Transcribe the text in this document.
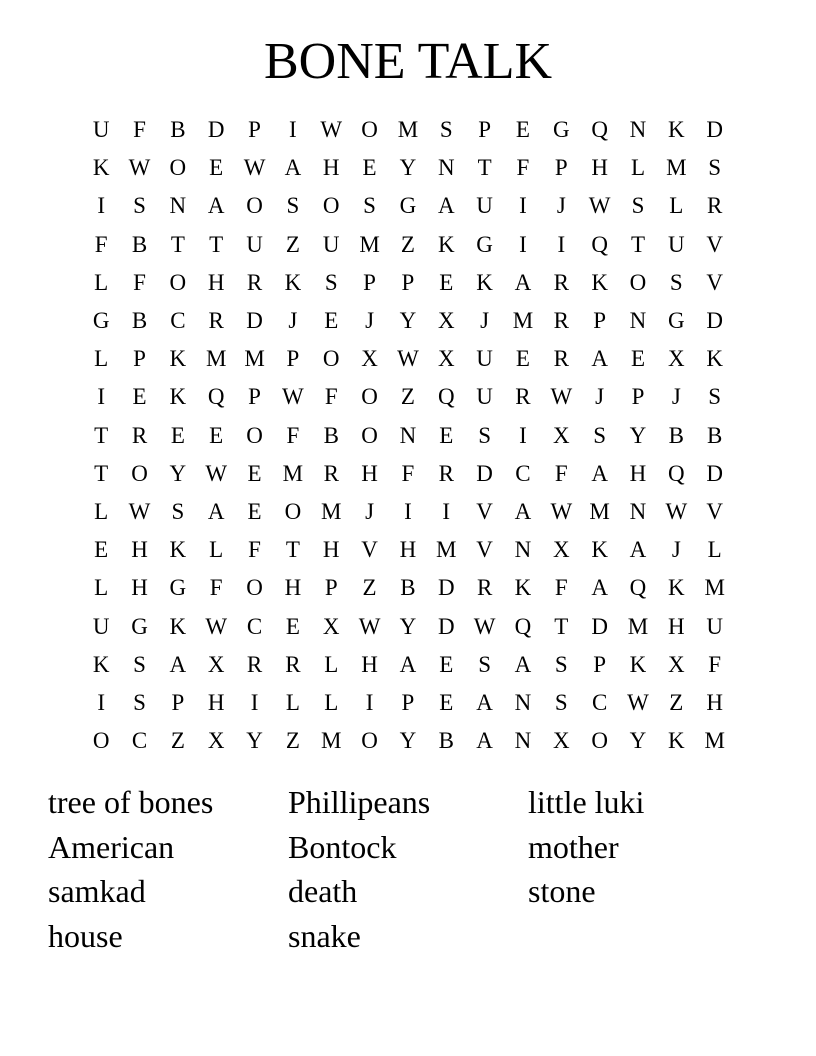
BONE TALK
U	F	B D	P	I	W O M S	P	E	G Q N K D
K W O	E W A H	E	Y N	T	F	P	H	L M S
I	S	N A O	S	O	S	G A U	I	J	W S	L	R
F	B	T	T	U	Z	U M Z	K G	I	I	Q	T	U V
L	F	O H R K	S	P	P	E	K A R K O	S	V
G B	C	R D	J	E	J	Y X	J	M R	P	N G D
L	P	K M M P	O X W X U	E	R A	E	X K
I	E	K Q	P W F	O	Z	Q U R W	J	P	J	S
T	R	E	E	O	F	B O N	E	S	I	X	S	Y B	B
T	O Y W E M R H	F	R D C	F	A H Q D
L W S	A	E	O M	J	I	I	V A W M N W V
E	H K	L	F	T	H V H M V N X K A	J	L
L	H G	F	O H	P	Z	B D R K	F	A Q K M
U G K W C	E	X W Y D W Q	T	D M H U
K	S	A X R	R	L	H A	E	S	A	S	P	K X	F
I	S	P	H	I	L	L	I	P	E	A N	S	C W Z	H
O C	Z	X Y	Z M O Y B A N X O Y K M
tree of bones
American
samkad
house
Phillipeans
Bontock
death
snake
little luki
mother
stone
